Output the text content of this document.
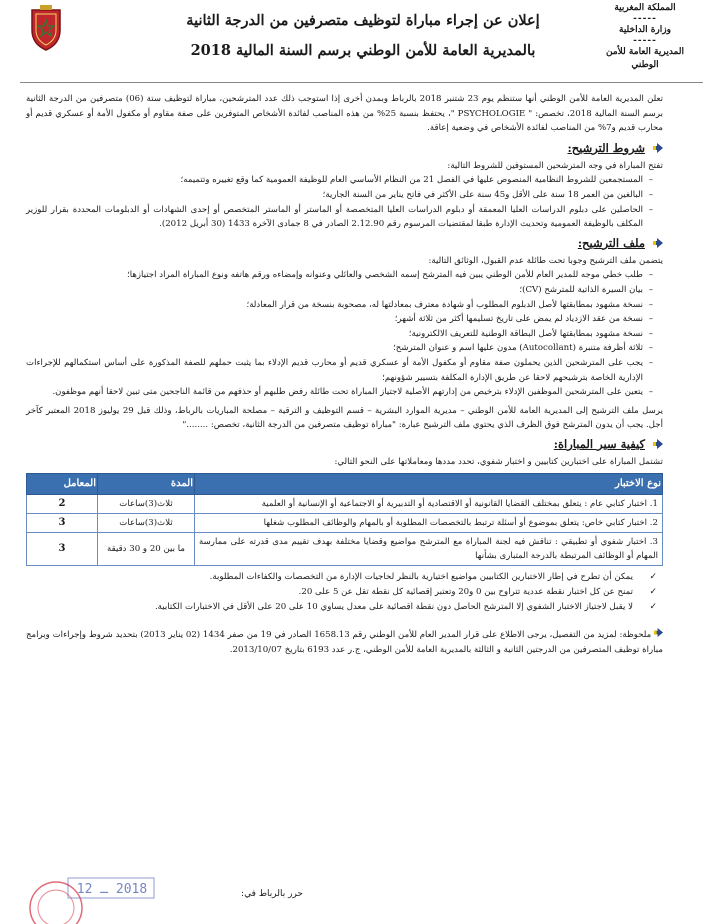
المملكة المغربية
-----
وزارة الداخلية
-----
المديرية العامة للأمن الوطني
إعلان عن إجراء مباراة لتوظيف متصرفين من الدرجة الثانية
بالمديرية العامة للأمن الوطني برسم السنة المالية 2018

تعلن المديرية العامة للأمن الوطني أنها ستنظم يوم 23 شتنبر 2018 بالرباط وبمدن أخرى إذا استوجب ذلك عدد المترشحين، مباراة لتوظيف ستة (06) متصرفين من الدرجة الثانية برسم السنة المالية 2018، تخصص: " PSYCHOLOGIE "، يحتفظ بنسبة 25% من هذه المناصب لفائدة الأشخاص المتوفرين على صفة مقاوم أو مكفول الأمة أو عسكري قديم أو محارب قديم و7% من المناصب لفائدة الأشخاص في وضعية إعاقة.

شروط الترشيح:

تفتح المباراة في وجه المترشحين المستوفين للشروط التالية:

– المستجمعين للشروط النظامية المنصوص عليها في الفصل 21 من النظام الأساسي العام للوظيفة العمومية كما وقع تغييره وتتميمه؛
– البالغين من العمر 18 سنة على الأقل و45 سنة على الأكثر في فاتح يناير من السنة الجارية؛
– الحاصلين على دبلوم الدراسات العليا المعمقة أو دبلوم الدراسات العليا المتخصصة أو الماستر أو الماستر المتخصص أو إحدى الشهادات أو الدبلومات المحددة بقرار للوزير المكلف بالوظيفة العمومية وتحديث الإدارة طبقا لمقتضيات المرسوم رقم 2.12.90 الصادر في 8 جمادى الآخرة 1433 (30 أبريل 2012).
ملف الترشيح:

يتضمن ملف الترشيح وجوبا تحت طائلة عدم القبول، الوثائق التالية:

– طلب خطي موجه للمدير العام للأمن الوطني يبين فيه المترشح إسمه الشخصي والعائلي وعنوانه وإمضاءه ورقم هاتفه ونوع المباراة المراد اجتيازها؛
– بيان السيرة الذاتية للمترشح (CV)؛
– نسخة مشهود بمطابقتها لأصل الدبلوم المطلوب أو شهادة معترف بمعادلتها له، مصحوبة بنسخة من قرار المعادلة؛
– نسخة من عقد الازدياد لم يمض على تاريخ تسليمها أكثر من ثلاثة أشهر؛
– نسخة مشهود بمطابقتها لأصل البطاقة الوطنية للتعريف الالكترونية؛
– ثلاثة أظرفة متنبرة (Autocollant) مدون عليها اسم و عنوان المترشح؛
– يجب على المترشحين الذين يحملون صفة مقاوم أو مكفول الأمة أو عسكري قديم أو محارب قديم الإدلاء بما يثبت حملهم للصفة المذكورة على أساس استكمالهم للإجراءات الإدارية الخاصة بترشيحهم لاحقا عن طريق الإدارة المكلفة بتسيير شؤونهم؛
– يتعين على المترشحين الموظفين الإدلاء بترخيص من إدارتهم الأصلية لاجتياز المباراة تحت طائلة رفض طلبهم أو حذفهم من قائمة الناجحين متى تبين لاحقا أنهم موظفون.

يرسل ملف الترشيح إلى المديرية العامة للأمن الوطني – مديرية الموارد البشرية – قسم التوظيف و الترقية – مصلحة المباريات بالرباط، وذلك قبل 29 يوليوز 2018 المعتبر كآخر أجل. يجب أن يدون المترشح فوق الظرف الذي يحتوي ملف الترشيح عبارة: "مباراة توظيف متصرفين من الدرجة الثانية، تخصص: ........"

كيفية سير المباراة:

تشتمل المباراة على اختبارين كتابيين و اختبار شفوي، تحدد مددها ومعاملاتها على النحو التالي:

نوع الاختبار	المدة	المعامل
1. اختبار كتابي عام : يتعلق بمختلف القضايا القانونية أو الاقتصادية أو التدبيرية أو الاجتماعية أو الإنسانية أو العلمية	ثلاث(3)ساعات	2
2. اختبار كتابي خاص: يتعلق بموضوع أو أسئلة ترتبط بالتخصصات المطلوبة أو بالمهام والوظائف المطلوب شغلها	ثلاث(3)ساعات	3
3. اختبار شفوي أو تطبيقي : تناقش فيه لجنة المباراة مع المترشح مواضيع وقضايا مختلفة بهدف تقييم مدى قدرته على ممارسة المهام أو الوظائف المرتبطة بالدرجة المتبارى بشأنها	ما بين 20 و 30 دقيقة	3
✓ يمكن أن تطرح في إطار الاختبارين الكتابيين مواضيع اختيارية بالنظر لحاجيات الإدارة من التخصصات والكفاءات المطلوبة.
✓ تمنح عن كل اختبار نقطة عددية تتراوح بين 0 و20 وتعتبر إقصائية كل نقطة تقل عن 5 على 20.
✓ لا يقبل لاجتياز الاختبار الشفوي إلا المترشح الحاصل دون نقطة اقصائية على معدل يساوي 10 على 20 على الأقل في الاختبارات الكتابية.

ملحوظة: لمزيد من التفصيل، يرجى الاطلاع على قرار المدير العام للأمن الوطني رقم 1658.13 الصادر في 19 من صفر 1434 (02 يناير 2013) بتحديد شروط وإجراءات وبرامج مباراة توظيف المتصرفين من الدرجتين الثانية و الثالثة بالمديرية العامة للأمن الوطني، ج.ر عدد 6193 بتاريخ 2013/10/07.

حرر بالرباط في:
2018 ـ 12
